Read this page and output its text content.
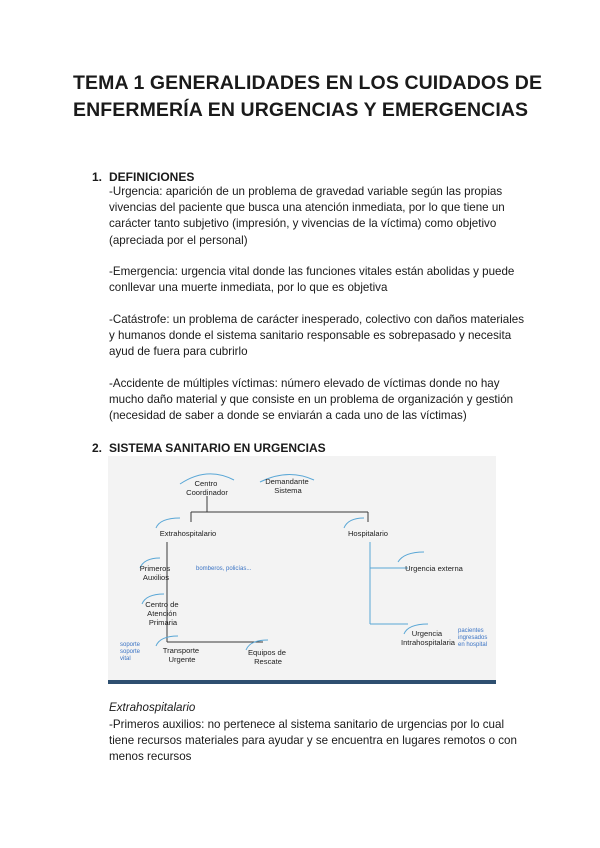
TEMA 1 GENERALIDADES EN LOS CUIDADOS DE ENFERMERÍA EN URGENCIAS Y EMERGENCIAS
1. DEFINICIONES
-Urgencia: aparición de un problema de gravedad variable según las propias vivencias del paciente que busca una atención inmediata, por lo que tiene un carácter tanto subjetivo (impresión, y vivencias de la víctima) como objetivo (apreciada por el personal)
-Emergencia: urgencia vital donde las funciones vitales están abolidas y puede conllevar una muerte inmediata, por lo que es objetiva
-Catástrofe: un problema de carácter inesperado, colectivo con daños materiales y humanos donde el sistema sanitario responsable es sobrepasado y necesita ayud de fuera para cubrirlo
-Accidente de múltiples víctimas: número elevado de víctimas donde no hay mucho daño material y que consiste en un problema de organización y gestión (necesidad de saber a donde se enviarán a cada uno de las víctimas)
2. SISTEMA SANITARIO EN URGENCIAS
Centro Coordinador
Demandante Sistema
Extrahospitalario	Hospitalario
Primeros Auxilios
bomberos, policías...
Centro de Atención Primaria
Transporte Urgente
soporte soporte vital
Equipos de Rescate
Urgencia externa
Urgencia Intrahospitalaria
pacientes ingresados en hospital
Extrahospitalario
-Primeros auxilios: no pertenece al sistema sanitario de urgencias por lo cual tiene recursos materiales para ayudar y se encuentra en lugares remotos o con menos recursos
